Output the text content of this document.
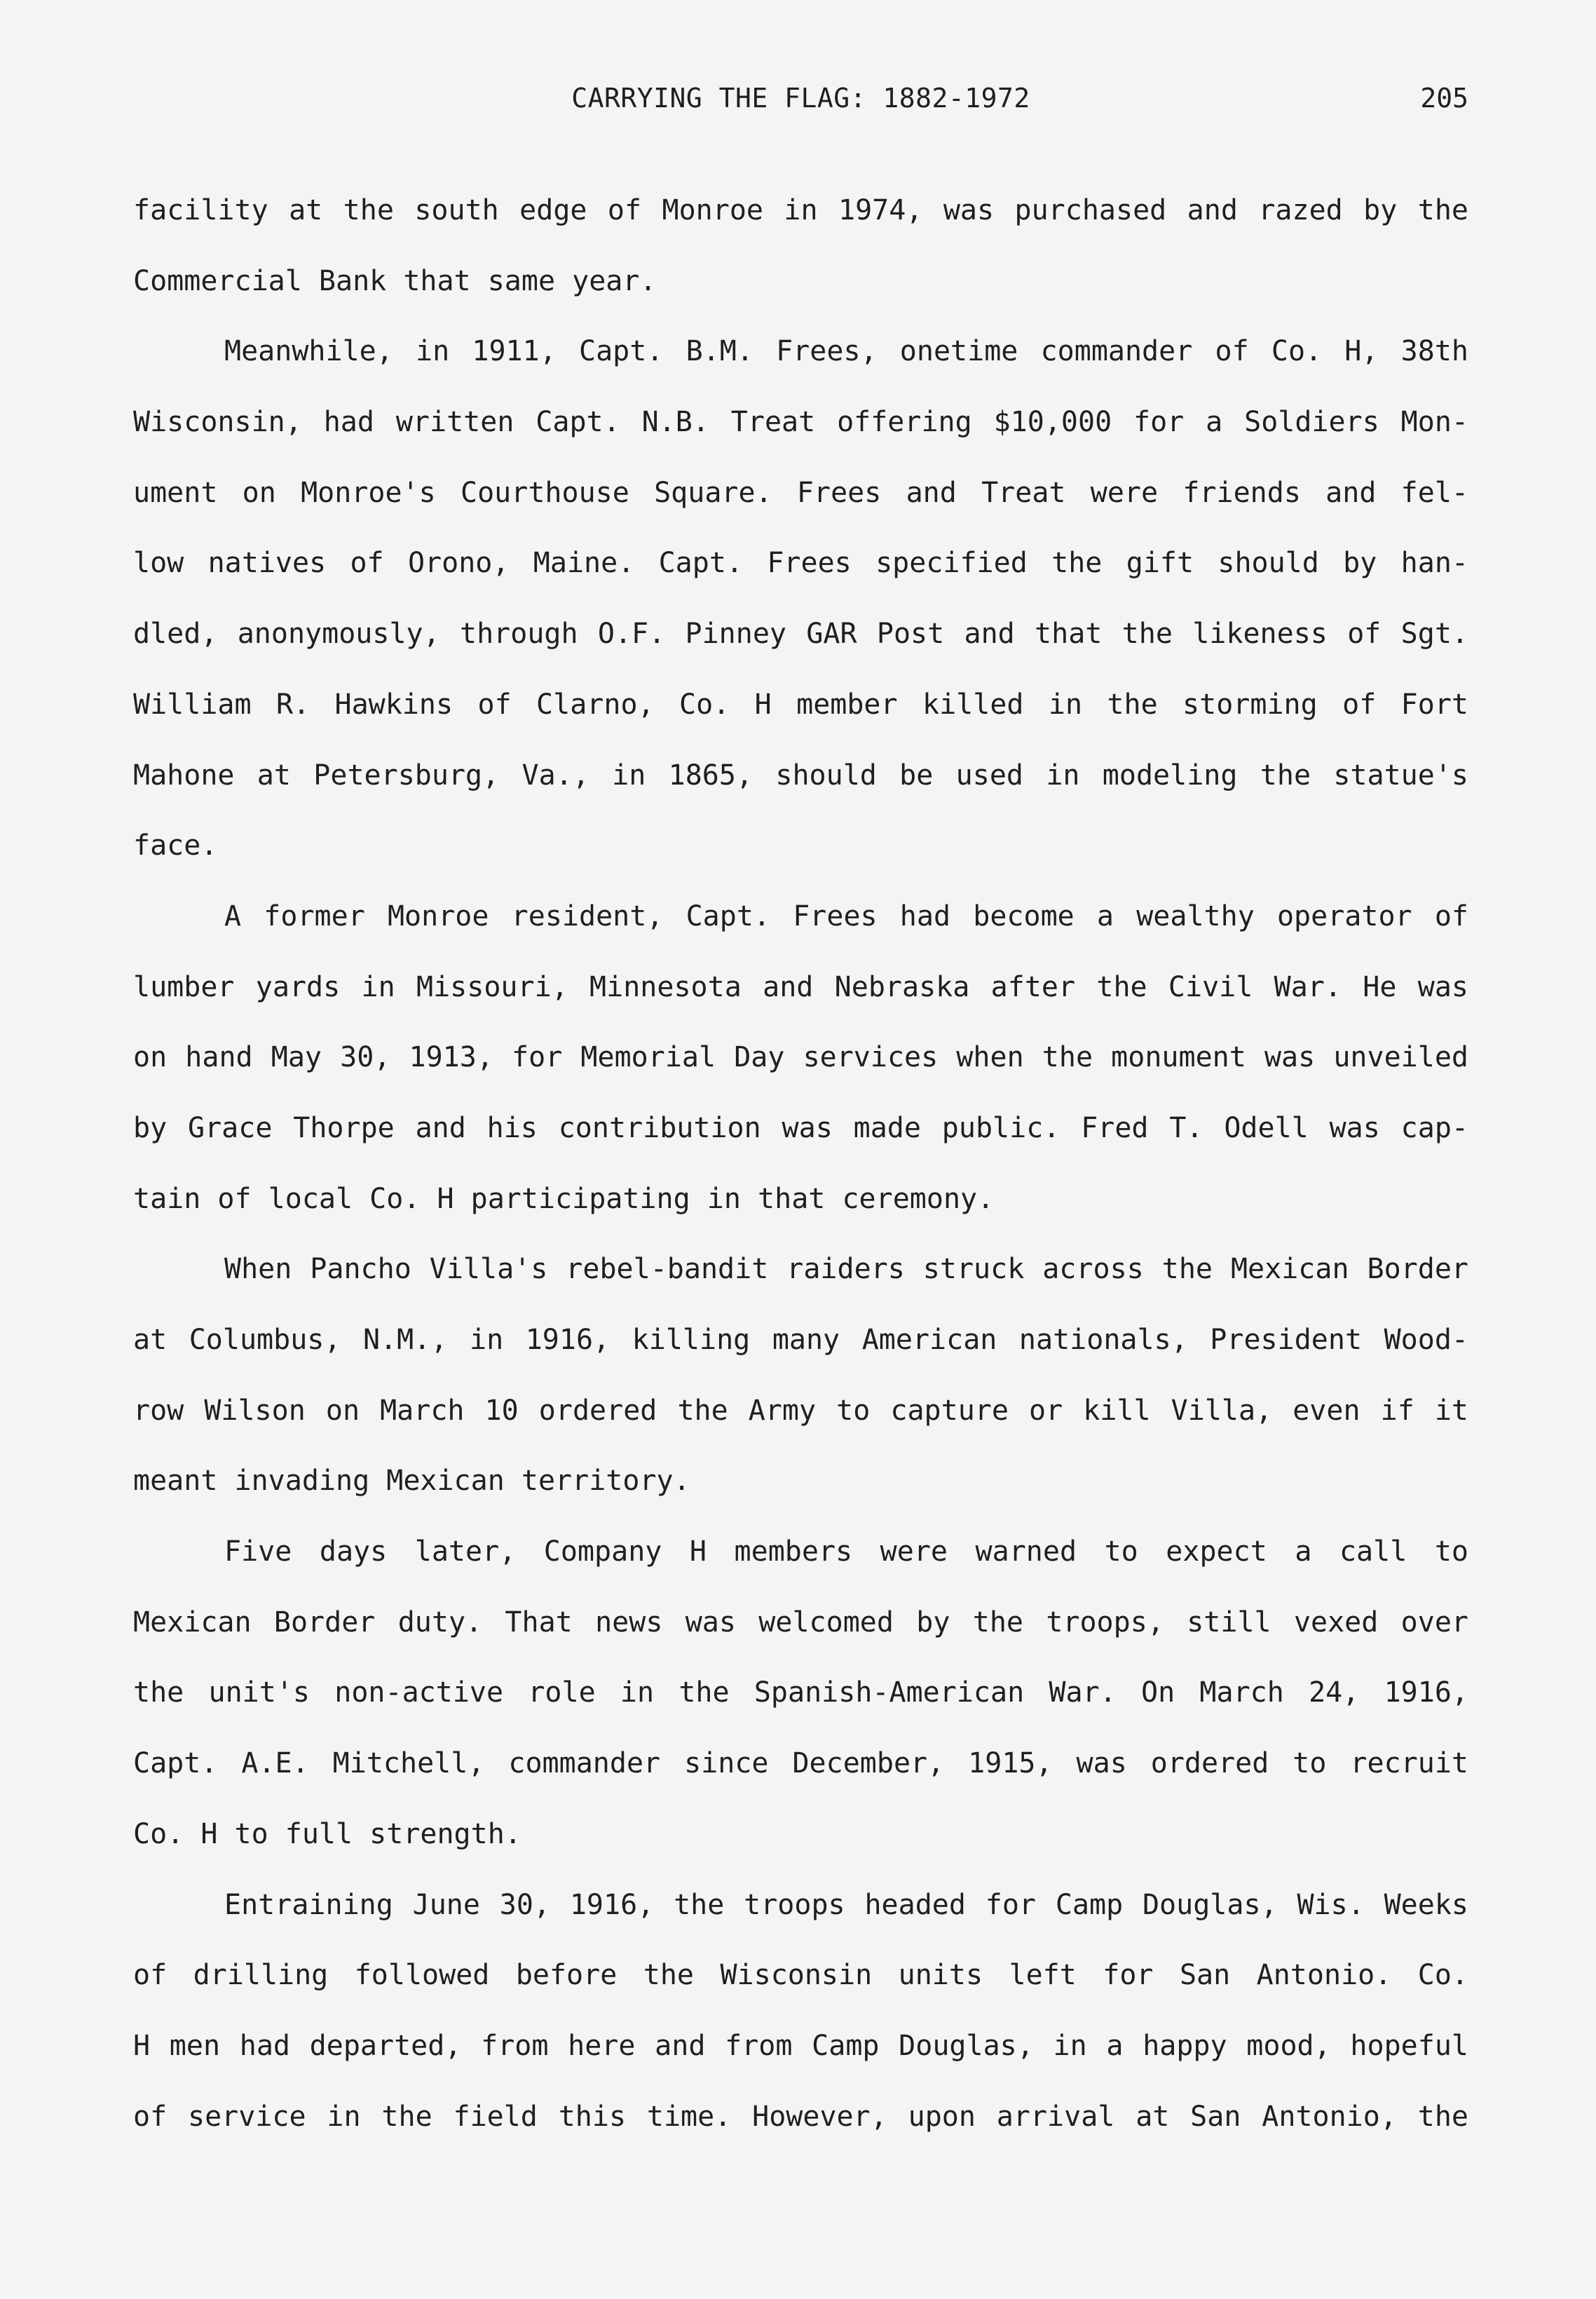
CARRYING THE FLAG: 1882-1972	205
facility at the south edge of Monroe in 1974, was purchased and razed by the
Commercial Bank that same year.
Meanwhile, in 1911, Capt. B.M. Frees, onetime commander of Co. H, 38th
Wisconsin, had written Capt. N.B. Treat offering $10,000 for a Soldiers Mon-
ument on Monroe's Courthouse Square. Frees and Treat were friends and fel-
low natives of Orono, Maine. Capt. Frees specified the gift should by han-
dled, anonymously, through O.F. Pinney GAR Post and that the likeness of Sgt.
William R. Hawkins of Clarno, Co. H member killed in the storming of Fort
Mahone at Petersburg, Va., in 1865, should be used in modeling the statue's
face.
A former Monroe resident, Capt. Frees had become a wealthy operator of
lumber yards in Missouri, Minnesota and Nebraska after the Civil War. He was
on hand May 30, 1913, for Memorial Day services when the monument was unveiled
by Grace Thorpe and his contribution was made public. Fred T. Odell was cap-
tain of local Co. H participating in that ceremony.
When Pancho Villa's rebel-bandit raiders struck across the Mexican Border
at Columbus, N.M., in 1916, killing many American nationals, President Wood-
row Wilson on March 10 ordered the Army to capture or kill Villa, even if it
meant invading Mexican territory.
Five days later, Company H members were warned to expect a call to
Mexican Border duty. That news was welcomed by the troops, still vexed over
the unit's non-active role in the Spanish-American War. On March 24, 1916,
Capt. A.E. Mitchell, commander since December, 1915, was ordered to recruit
Co. H to full strength.
Entraining June 30, 1916, the troops headed for Camp Douglas, Wis. Weeks
of drilling followed before the Wisconsin units left for San Antonio. Co.
H men had departed, from here and from Camp Douglas, in a happy mood, hopeful
of service in the field this time. However, upon arrival at San Antonio, the
